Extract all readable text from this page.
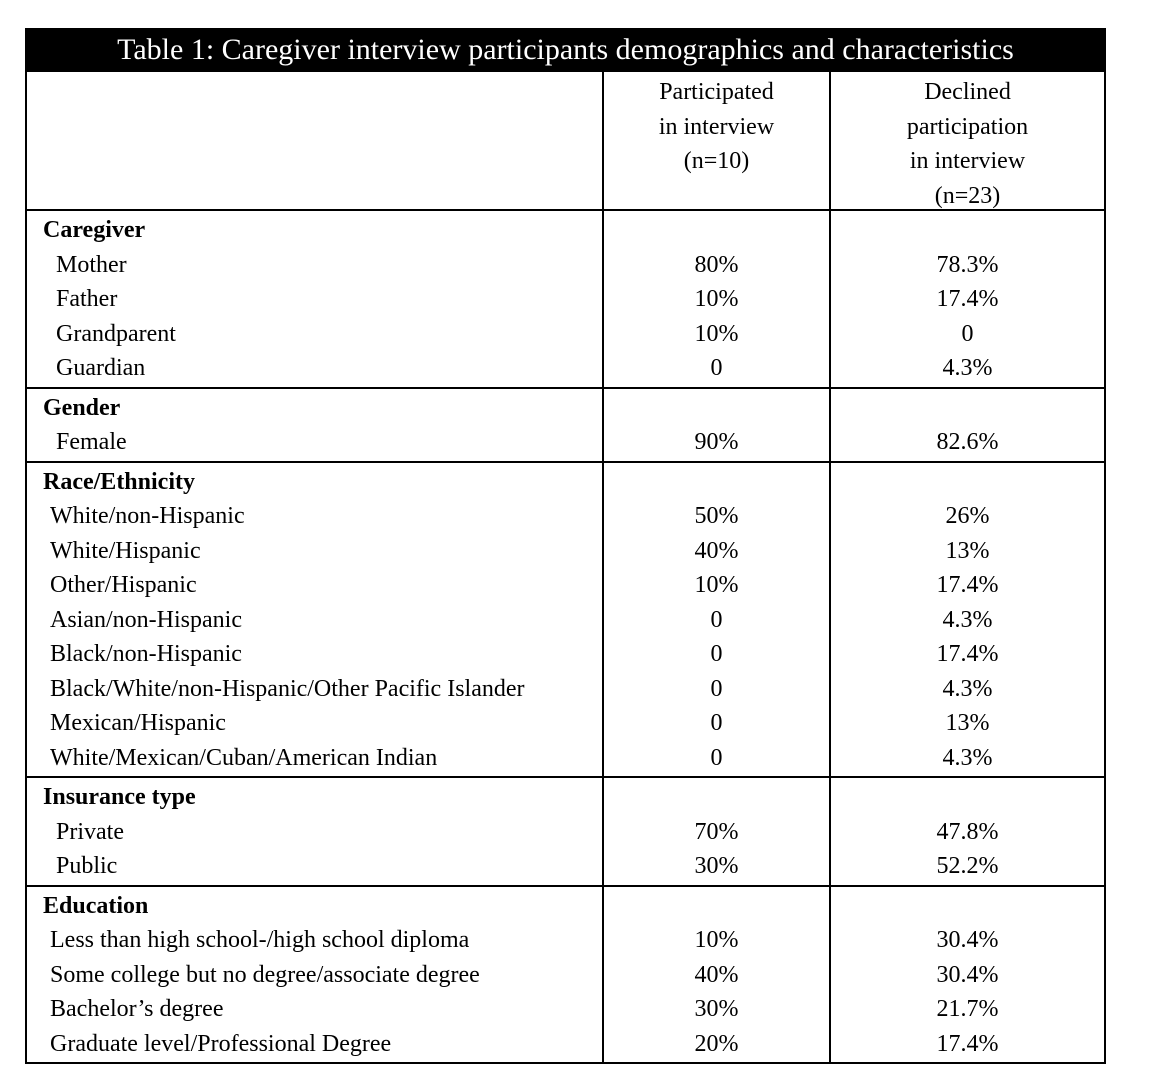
Table 1: Caregiver interview participants demographics and characteristics
Participated
in interview
(n=10)
Declined
participation
in interview
(n=23)
Caregiver
Mother
Father
Grandparent
Guardian
80%
10%
10%
0
78.3%
17.4%
0
4.3%
Gender
Female	90%	82.6%
Race/Ethnicity
White/non-Hispanic
White/Hispanic
Other/Hispanic
Asian/non-Hispanic
Black/non-Hispanic
Black/White/non-Hispanic/Other Pacific Islander
Mexican/Hispanic
White/Mexican/Cuban/American Indian
50%
40%
10%
0
0
0
0
0
26%
13%
17.4%
4.3%
17.4%
4.3%
13%
4.3%
Insurance type
Private
Public
70%
30%
47.8%
52.2%
Education
Less than high school-/high school diploma
Some college but no degree/associate degree
Bachelor’s degree
Graduate level/Professional Degree
10%
40%
30%
20%
30.4%
30.4%
21.7%
17.4%
